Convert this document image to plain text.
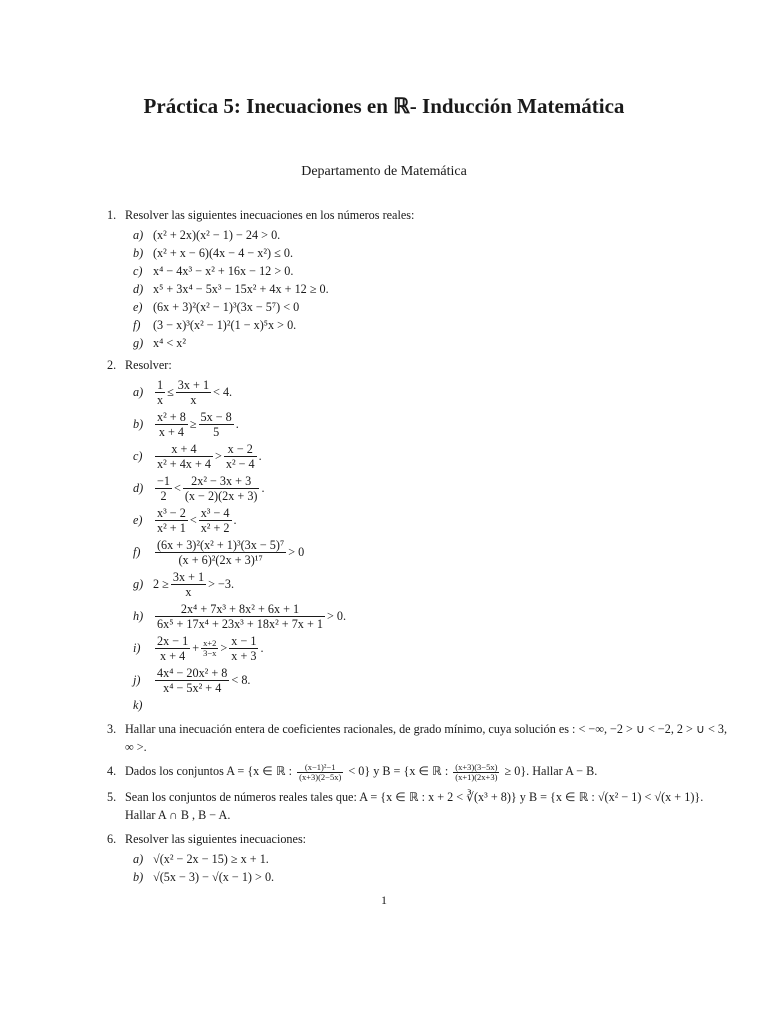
Práctica 5: Inecuaciones en ℝ- Inducción Matemática
Departamento de Matemática
1. Resolver las siguientes inecuaciones en los números reales:
a) (x² + 2x)(x² − 1) − 24 > 0.
b) (x² + x − 6)(4x − 4 − x²) ≤ 0.
c) x⁴ − 4x³ − x² + 16x − 12 > 0.
d) x⁵ + 3x⁴ − 5x³ − 15x² + 4x + 12 ≥ 0.
e) (6x + 3)²(x² − 1)³(3x − 5⁷) < 0
f)	(3 − x)³(x² − 1)²(1 − x)⁵x > 0.
g) x⁴ < x²
2. Resolver:
$a) \frac{1}{x} \le \frac{3x + 1}{x} < 4$.
$b) \frac{\text{x² + 8}}{x + 4} \ge \frac{5x - 8}{5}$ .
c)	$\frac{x + 4}{\text{x² + 4x + 4}} > \frac{x - 2}{\text{x² − 4}}$ .
$d) \frac{-1}{2} < \frac{\text{2x² − 3x + 3}}{(x - 2)(2x + 3)}$ .
e)	$\frac{\text{x³ − 2}}{\text{x² + 1}} < \frac{\text{x³ − 4}}{\text{x² + 2}}$ .
f)	$\frac{\text{(6x + 3)²(x² + 1)³(3x − 5)⁷}}{\text{(x + 6)²(2x + 3)¹⁷}} > 0$
g) $2 \ge \frac{3x + 1}{x} > -3$.
$h) \frac{\text{2x⁴ + 7x³ + 8x² + 6x + 1}}{\text{6x⁵ + 17x⁴ + 23x³ + 18x² + 7x + 1}} > 0$.
i)	$\frac{2x - 1}{x + 4} + \frac{x+2}{3-x} > \frac{x - 1}{x + 3}$ .
j)	$\frac{\text{4x⁴ − 20x² + 8}}{\text{x⁴ − 5x² + 4}} < 8$.
k)
3. Hallar una inecuación entera de coeficientes racionales, de grado mínimo, cuya solución es : < −∞, −2 > ∪ < −2, 2 > ∪ < 3, ∞ >.
4. Dados los conjuntos A = {x ∈ ℝ : $\frac{\text{(x−1)²−1}}{(x+3)(2-5x)} < 0$} y B = {x ∈ ℝ : $\frac{(x+3)(3-5x)}{(x+1)(2x+3)} \ge 0$}. Hallar A − B.
5. Sean los conjuntos de números reales tales que: A = {x ∈ ℝ : x + 2 < ∛(x³ + 8)} y B = {x ∈ ℝ : √(x² − 1) < √(x + 1)}. Hallar A ∩ B , B − A.
6. Resolver las siguientes inecuaciones:
a) √(x² − 2x − 15) ≥ x + 1.
b) √(5x − 3) − √(x − 1) > 0.
1
